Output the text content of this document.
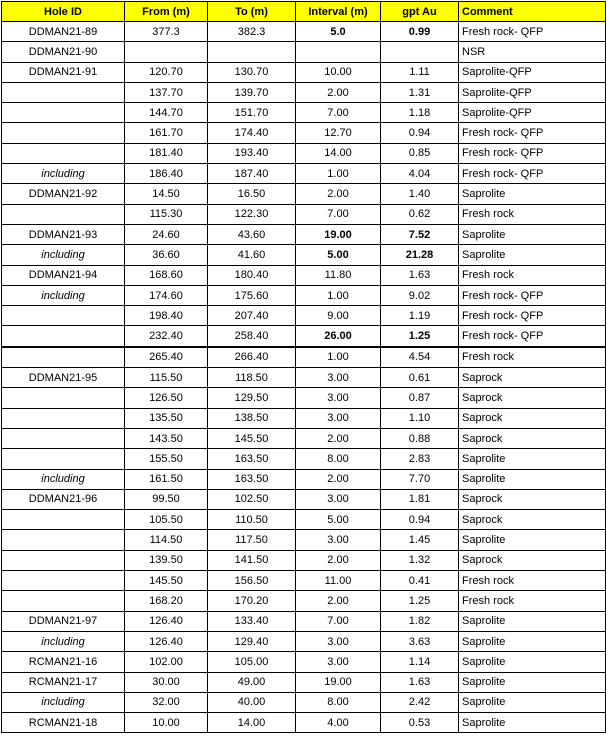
Hole ID	From (m)	To (m)	Interval (m)	gpt Au	Comment
DDMAN21-89	377.3	382.3	5.0	0.99	Fresh rock- QFP
DDMAN21-90					NSR
DDMAN21-91	120.70	130.70	10.00	1.11	Saprolite-QFP
	137.70	139.70	2.00	1.31	Saprolite-QFP
	144.70	151.70	7.00	1.18	Saprolite-QFP
	161.70	174.40	12.70	0.94	Fresh rock- QFP
	181.40	193.40	14.00	0.85	Fresh rock- QFP
including	186.40	187.40	1.00	4.04	Fresh rock- QFP
DDMAN21-92	14.50	16.50	2.00	1.40	Saprolite
	115.30	122.30	7.00	0.62	Fresh rock
DDMAN21-93	24.60	43.60	19.00	7.52	Saprolite
including	36.60	41.60	5.00	21.28	Saprolite
DDMAN21-94	168.60	180.40	11.80	1.63	Fresh rock
including	174.60	175.60	1.00	9.02	Fresh rock- QFP
	198.40	207.40	9.00	1.19	Fresh rock- QFP
	232.40	258.40	26.00	1.25	Fresh rock- QFP
	265.40	266.40	1.00	4.54	Fresh rock
DDMAN21-95	115.50	118.50	3.00	0.61	Saprock
	126.50	129.50	3.00	0.87	Saprock
	135.50	138.50	3.00	1.10	Saprock
	143.50	145.50	2.00	0.88	Saprock
	155.50	163.50	8.00	2.83	Saprolite
including	161.50	163.50	2.00	7.70	Saprolite
DDMAN21-96	99.50	102.50	3.00	1.81	Saprock
	105.50	110.50	5.00	0.94	Saprock
	114.50	117.50	3.00	1.45	Saprolite
	139.50	141.50	2.00	1.32	Saprock
	145.50	156.50	11.00	0.41	Fresh rock
	168.20	170.20	2.00	1.25	Fresh rock
DDMAN21-97	126.40	133.40	7.00	1.82	Saprolite
including	126.40	129.40	3.00	3.63	Saprolite
RCMAN21-16	102.00	105.00	3.00	1.14	Saprolite
RCMAN21-17	30.00	49.00	19.00	1.63	Saprolite
including	32.00	40.00	8.00	2.42	Saprolite
RCMAN21-18	10.00	14.00	4.00	0.53	Saprolite
